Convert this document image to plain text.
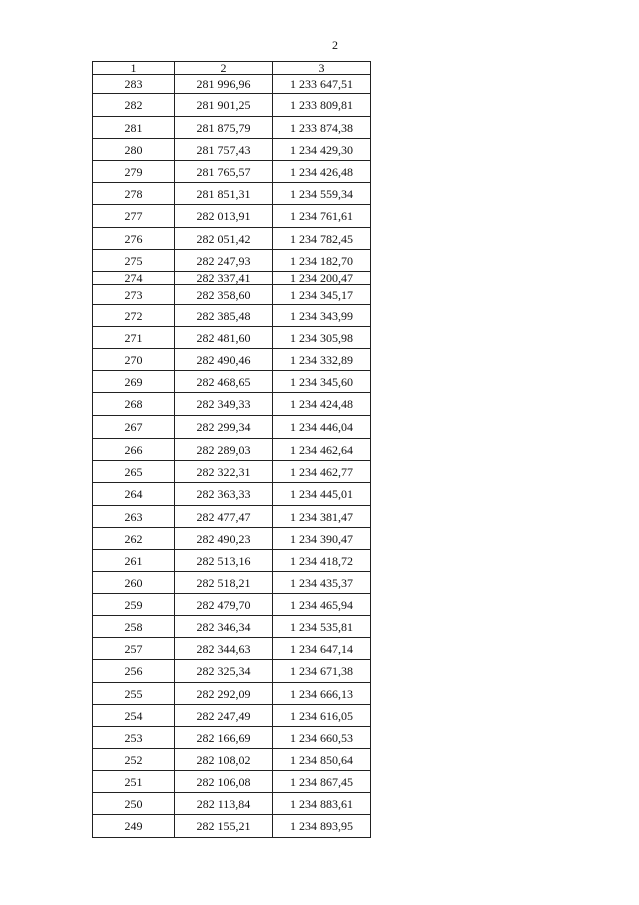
2
1	2	3
283	281 996,96	1 233 647,51
282	281 901,25	1 233 809,81
281	281 875,79	1 233 874,38
280	281 757,43	1 234 429,30
279	281 765,57	1 234 426,48
278	281 851,31	1 234 559,34
277	282 013,91	1 234 761,61
276	282 051,42	1 234 782,45
275	282 247,93	1 234 182,70
274	282 337,41	1 234 200,47
273	282 358,60	1 234 345,17
272	282 385,48	1 234 343,99
271	282 481,60	1 234 305,98
270	282 490,46	1 234 332,89
269	282 468,65	1 234 345,60
268	282 349,33	1 234 424,48
267	282 299,34	1 234 446,04
266	282 289,03	1 234 462,64
265	282 322,31	1 234 462,77
264	282 363,33	1 234 445,01
263	282 477,47	1 234 381,47
262	282 490,23	1 234 390,47
261	282 513,16	1 234 418,72
260	282 518,21	1 234 435,37
259	282 479,70	1 234 465,94
258	282 346,34	1 234 535,81
257	282 344,63	1 234 647,14
256	282 325,34	1 234 671,38
255	282 292,09	1 234 666,13
254	282 247,49	1 234 616,05
253	282 166,69	1 234 660,53
252	282 108,02	1 234 850,64
251	282 106,08	1 234 867,45
250	282 113,84	1 234 883,61
249	282 155,21	1 234 893,95
